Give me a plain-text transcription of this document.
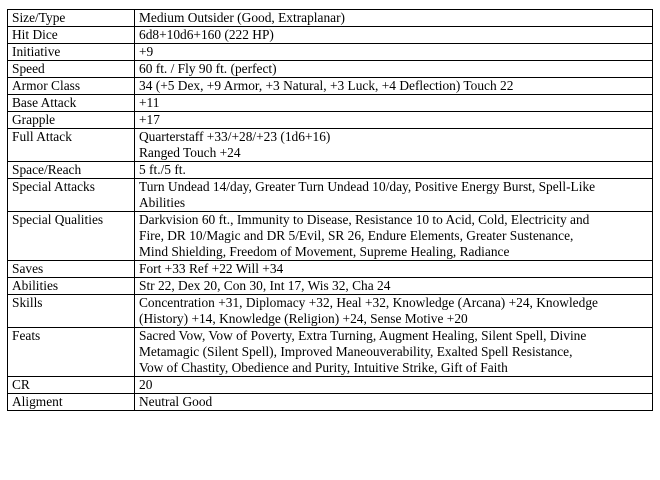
Size/Type	Medium Outsider (Good, Extraplanar)
Hit Dice	6d8+10d6+160 (222 HP)
Initiative	+9
Speed	60 ft. / Fly 90 ft. (perfect)
Armor Class	34 (+5 Dex, +9 Armor, +3 Natural, +3 Luck, +4 Deflection) Touch 22
Base Attack	+11
Grapple	+17
Full Attack	Quarterstaff +33/+28/+23 (1d6+16)
Ranged Touch +24
Space/Reach	5 ft./5 ft.
Special Attacks	Turn Undead 14/day, Greater Turn Undead 10/day, Positive Energy Burst, Spell-Like
Abilities
Special Qualities	Darkvision 60 ft., Immunity to Disease, Resistance 10 to Acid, Cold, Electricity and
Fire, DR 10/Magic and DR 5/Evil, SR 26, Endure Elements, Greater Sustenance,
Mind Shielding, Freedom of Movement, Supreme Healing, Radiance
Saves	Fort +33 Ref +22 Will +34
Abilities	Str 22, Dex 20, Con 30, Int 17, Wis 32, Cha 24
Skills	Concentration +31, Diplomacy +32, Heal +32, Knowledge (Arcana) +24, Knowledge
(History) +14, Knowledge (Religion) +24, Sense Motive +20
Feats	Sacred Vow, Vow of Poverty, Extra Turning, Augment Healing, Silent Spell, Divine
Metamagic (Silent Spell), Improved Maneouverability, Exalted Spell Resistance,
Vow of Chastity, Obedience and Purity, Intuitive Strike, Gift of Faith
CR	20
Aligment	Neutral Good
